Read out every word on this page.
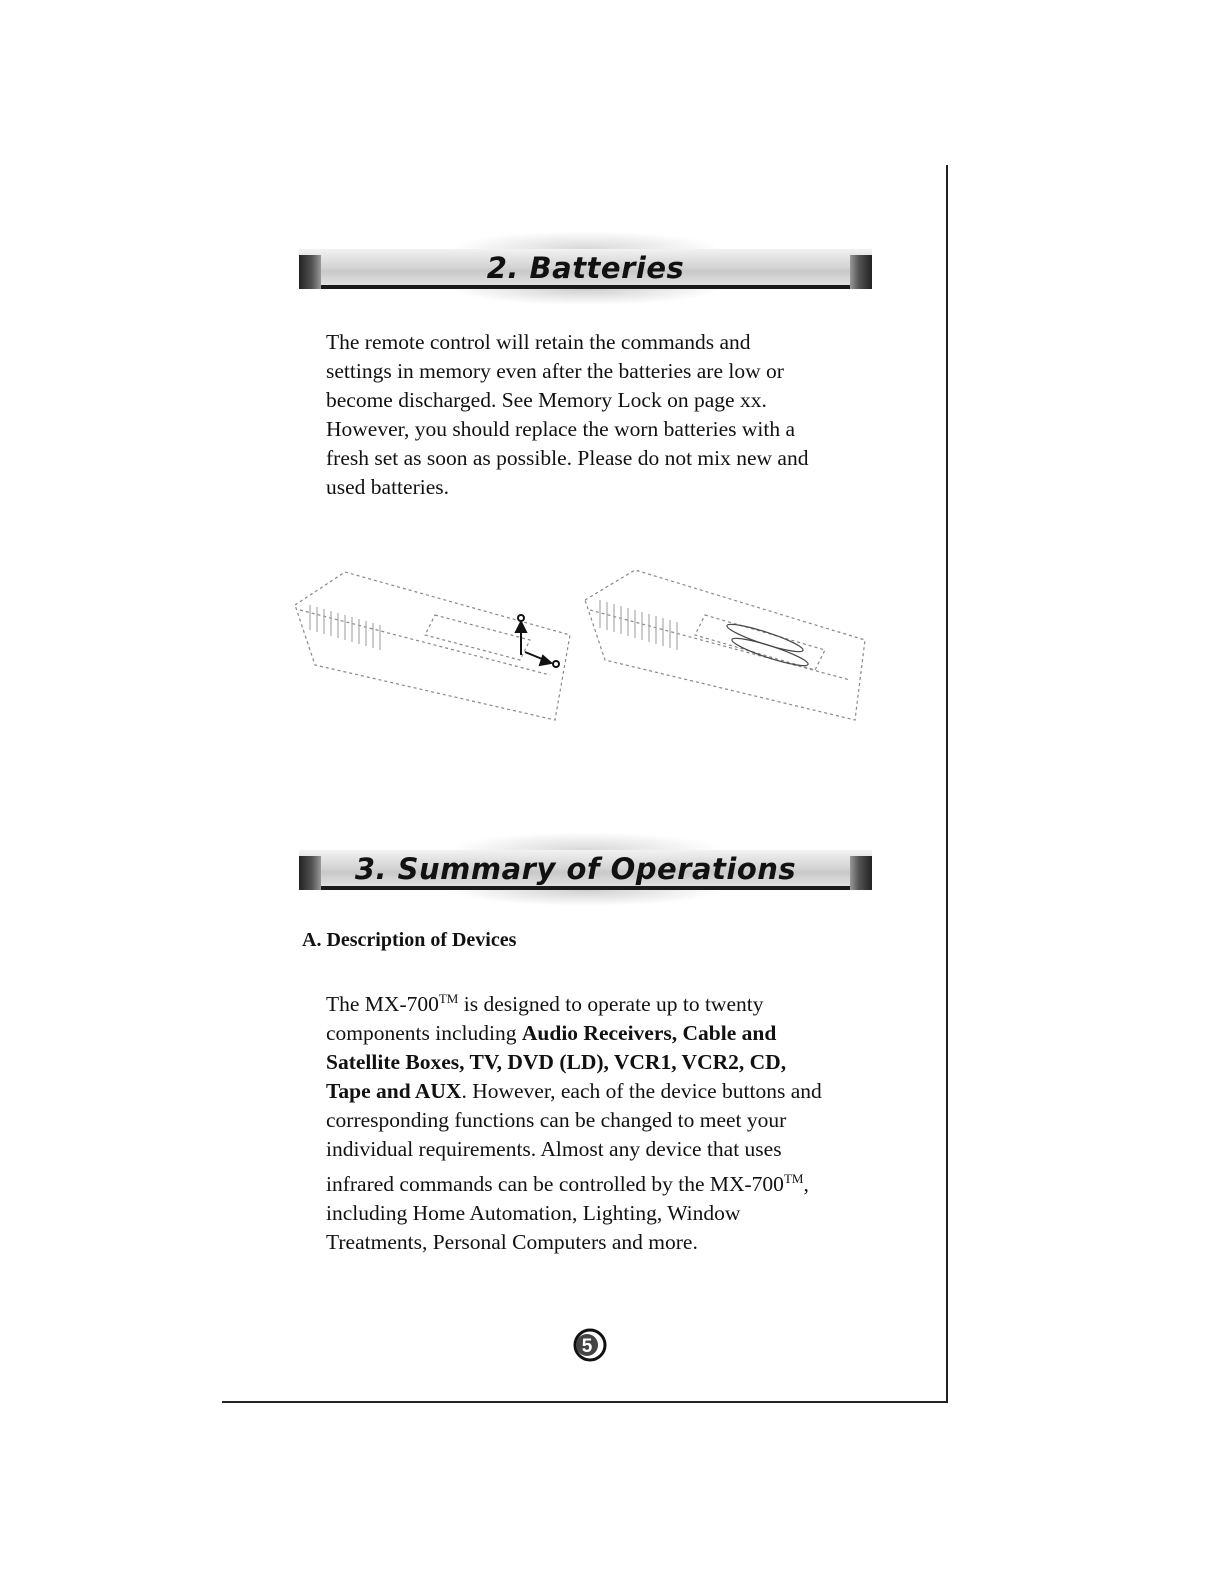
2. Batteries
The remote control will retain the commands and
settings in memory even after the batteries are low or
become discharged. See Memory Lock on page xx.
However, you should replace the worn batteries with a
fresh set as soon as possible. Please do not mix new and
used batteries.
3. Summary of Operations
A. Description of Devices
The MX-700™ is designed to operate up to twenty
components including Audio Receivers, Cable and
Satellite Boxes, TV, DVD (LD), VCR1, VCR2, CD,
Tape and AUX. However, each of the device buttons and
corresponding functions can be changed to meet your
individual requirements. Almost any device that uses
infrared commands can be controlled by the MX-700™,
including Home Automation, Lighting, Window
Treatments, Personal Computers and more.
5
